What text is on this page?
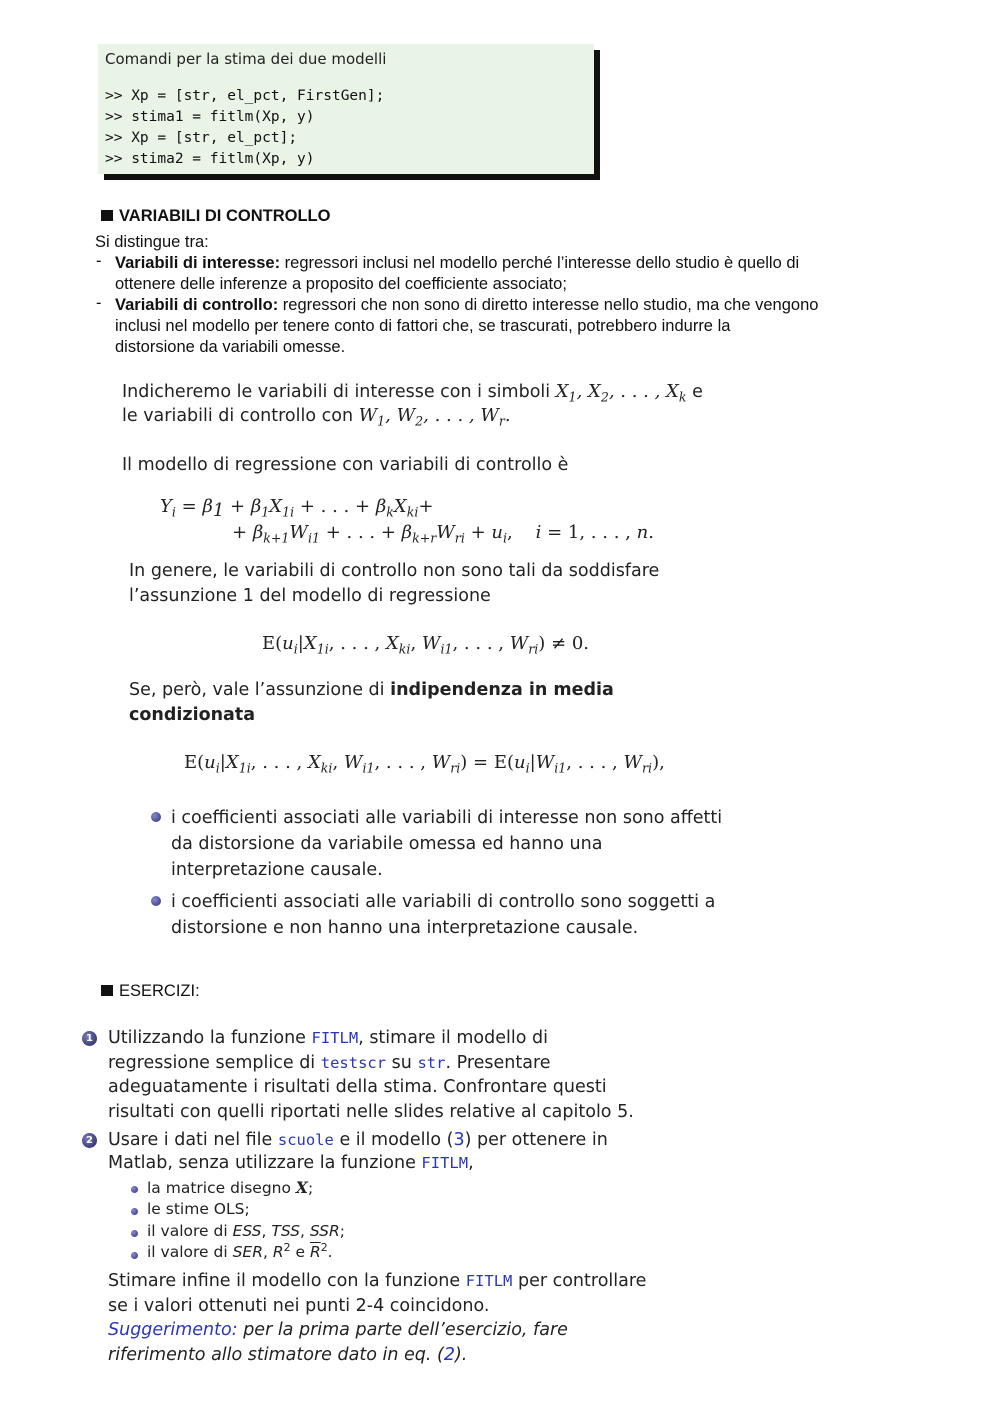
Comandi per la stima dei due modelli
>> Xp = [str, el_pct, FirstGen];
>> stima1 = fitlm(Xp, y)
>> Xp = [str, el_pct];
>> stima2 = fitlm(Xp, y)
VARIABILI DI CONTROLLO
Si distingue tra:
- Variabili di interesse: regressori inclusi nel modello perché l’interesse dello studio è quello di
ottenere delle inferenze a proposito del coefficiente associato;
- Variabili di controllo: regressori che non sono di diretto interesse nello studio, ma che vengono
inclusi nel modello per tenere conto di fattori che, se trascurati, potrebbero indurre la
distorsione da variabili omesse.
Indicheremo le variabili di interesse con i simboli $X_1$, $X_2$, . . . , $X_k$ e
le variabili di controllo con $W_1$, $W_2$, . . . , $W_r$.
Il modello di regressione con variabili di controllo è
$Y_i = \beta_1 + \beta_1X_{1i}$ + . . . + $\beta_kX_{ki}+$
+ $\beta_{k+1}W_{i1}$ + . . . + $\beta_{k+r}W_{ri} + u_i$,    i = 1, . . . , n.
In genere, le variabili di controllo non sono tali da soddisfare
l’assunzione 1 del modello di regressione
$E(u_i|X_{1i}$, . . . , $X_{ki}$, $W_{i1}$, . . . , $W_{ri}) \ne 0$.
Se, però, vale l’assunzione di indipendenza in media
condizionata
$E(u_i|X_{1i}$, . . . , $X_{ki}$, $W_{i1}$, . . . , $W_{ri}) = E(u_i|W_{i1}$, . . . , $W_{ri}$),
i coefficienti associati alle variabili di interesse non sono affetti
da distorsione da variabile omessa ed hanno una
interpretazione causale.
i coefficienti associati alle variabili di controllo sono soggetti a
distorsione e non hanno una interpretazione causale.
ESERCIZI:
1 Utilizzando la funzione FITLM, stimare il modello di
regressione semplice di testscr su str. Presentare
adeguatamente i risultati della stima. Confrontare questi
risultati con quelli riportati nelle slides relative al capitolo 5.
2 Usare i dati nel file scuole e il modello (3) per ottenere in
Matlab, senza utilizzare la funzione FITLM,
la matrice disegno X;
le stime OLS;
il valore di ESS, TSS, SSR;
il valore di SER, $R^2$ e $\overline{R}^2$.
Stimare infine il modello con la funzione FITLM per controllare
se i valori ottenuti nei punti 2-4 coincidono.
Suggerimento: per la prima parte dell’esercizio, fare
riferimento allo stimatore dato in eq. (2).
